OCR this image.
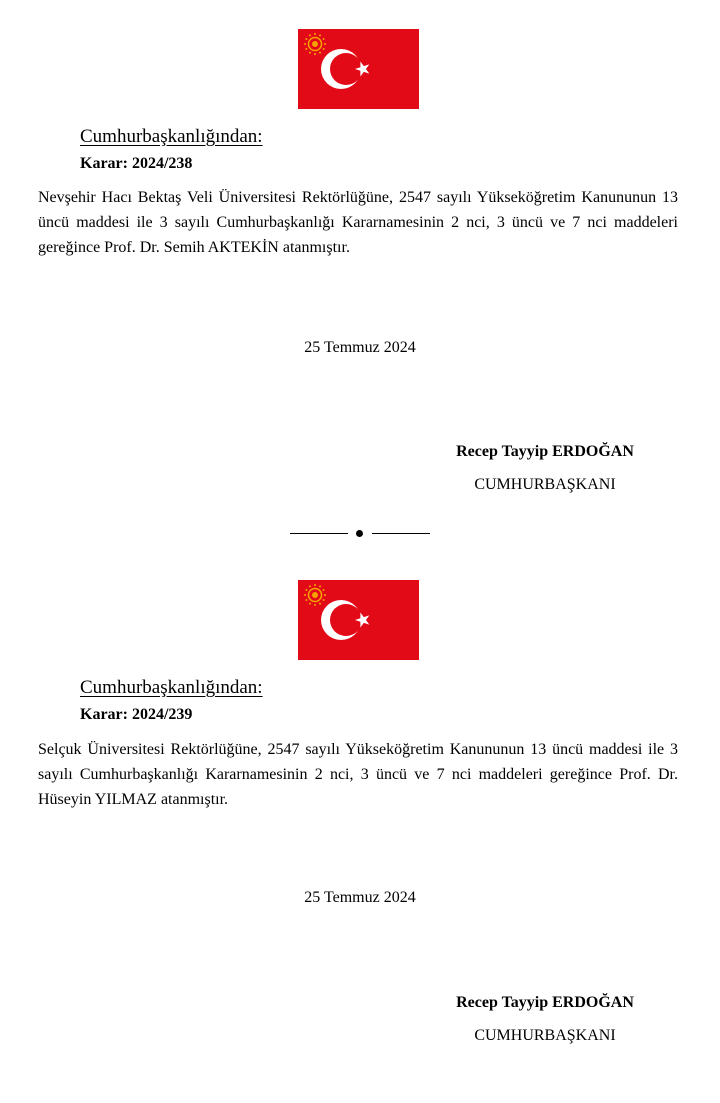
Cumhurbaşkanlığından:
Karar: 2024/238
Nevşehir Hacı Bektaş Veli Üniversitesi Rektörlüğüne, 2547 sayılı Yükseköğretim Kanununun 13 üncü maddesi ile 3 sayılı Cumhurbaşkanlığı Kararnamesinin 2 nci, 3 üncü ve 7 nci maddeleri gereğince Prof. Dr. Semih AKTEKİN atanmıştır.
25 Temmuz 2024
Recep Tayyip ERDOĞAN
CUMHURBAŞKANI
Cumhurbaşkanlığından:
Karar: 2024/239
Selçuk Üniversitesi Rektörlüğüne, 2547 sayılı Yükseköğretim Kanununun 13 üncü maddesi ile 3 sayılı Cumhurbaşkanlığı Kararnamesinin 2 nci, 3 üncü ve 7 nci maddeleri gereğince Prof. Dr. Hüseyin YILMAZ atanmıştır.
25 Temmuz 2024
Recep Tayyip ERDOĞAN
CUMHURBAŞKANI
